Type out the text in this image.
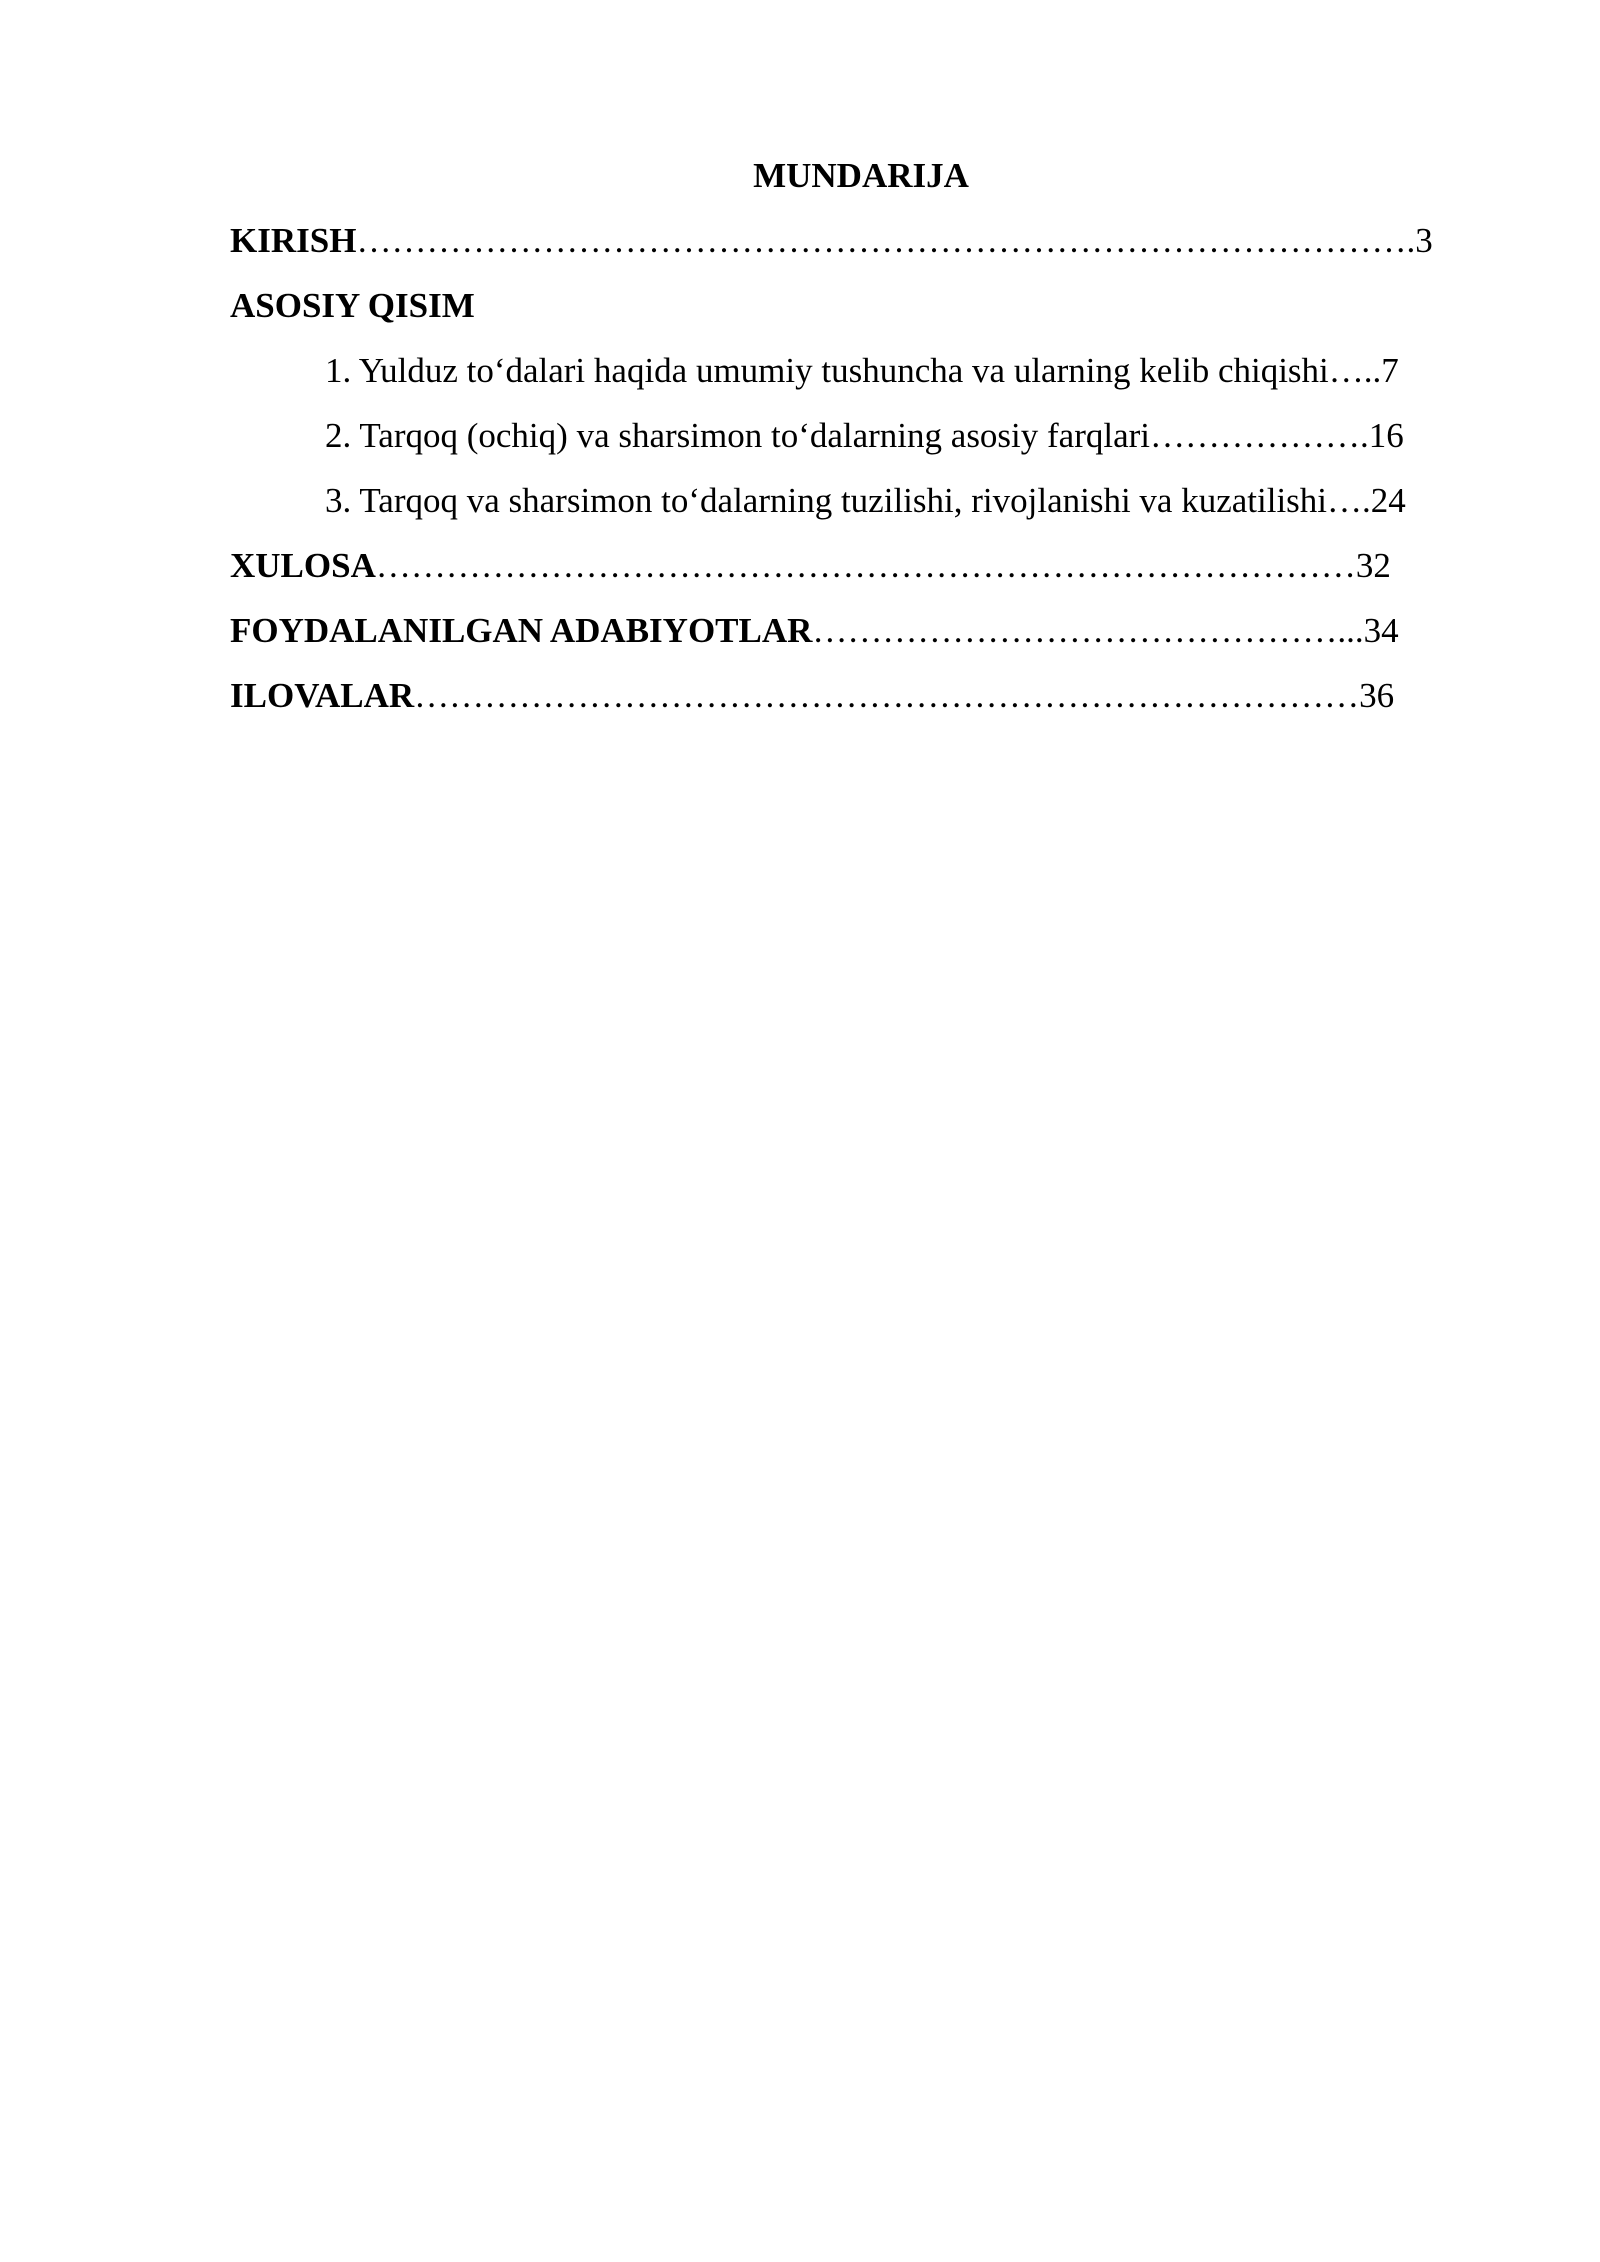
MUNDARIJA
KIRISH……………………………………………………………………………….3
ASOSIY QISIM
1. Yulduz to‘dalari haqida umumiy tushuncha va ularning kelib chiqishi…..7
2. Tarqoq (ochiq) va sharsimon to‘dalarning asosiy farqlari……………….16
3. Tarqoq va sharsimon to‘dalarning tuzilishi, rivojlanishi va kuzatilishi….24
XULOSA…………………………………………………………………………32
FOYDALANILGAN ADABIYOTLAR………………………………………...34
ILOVALAR………………………………………………………………………36
